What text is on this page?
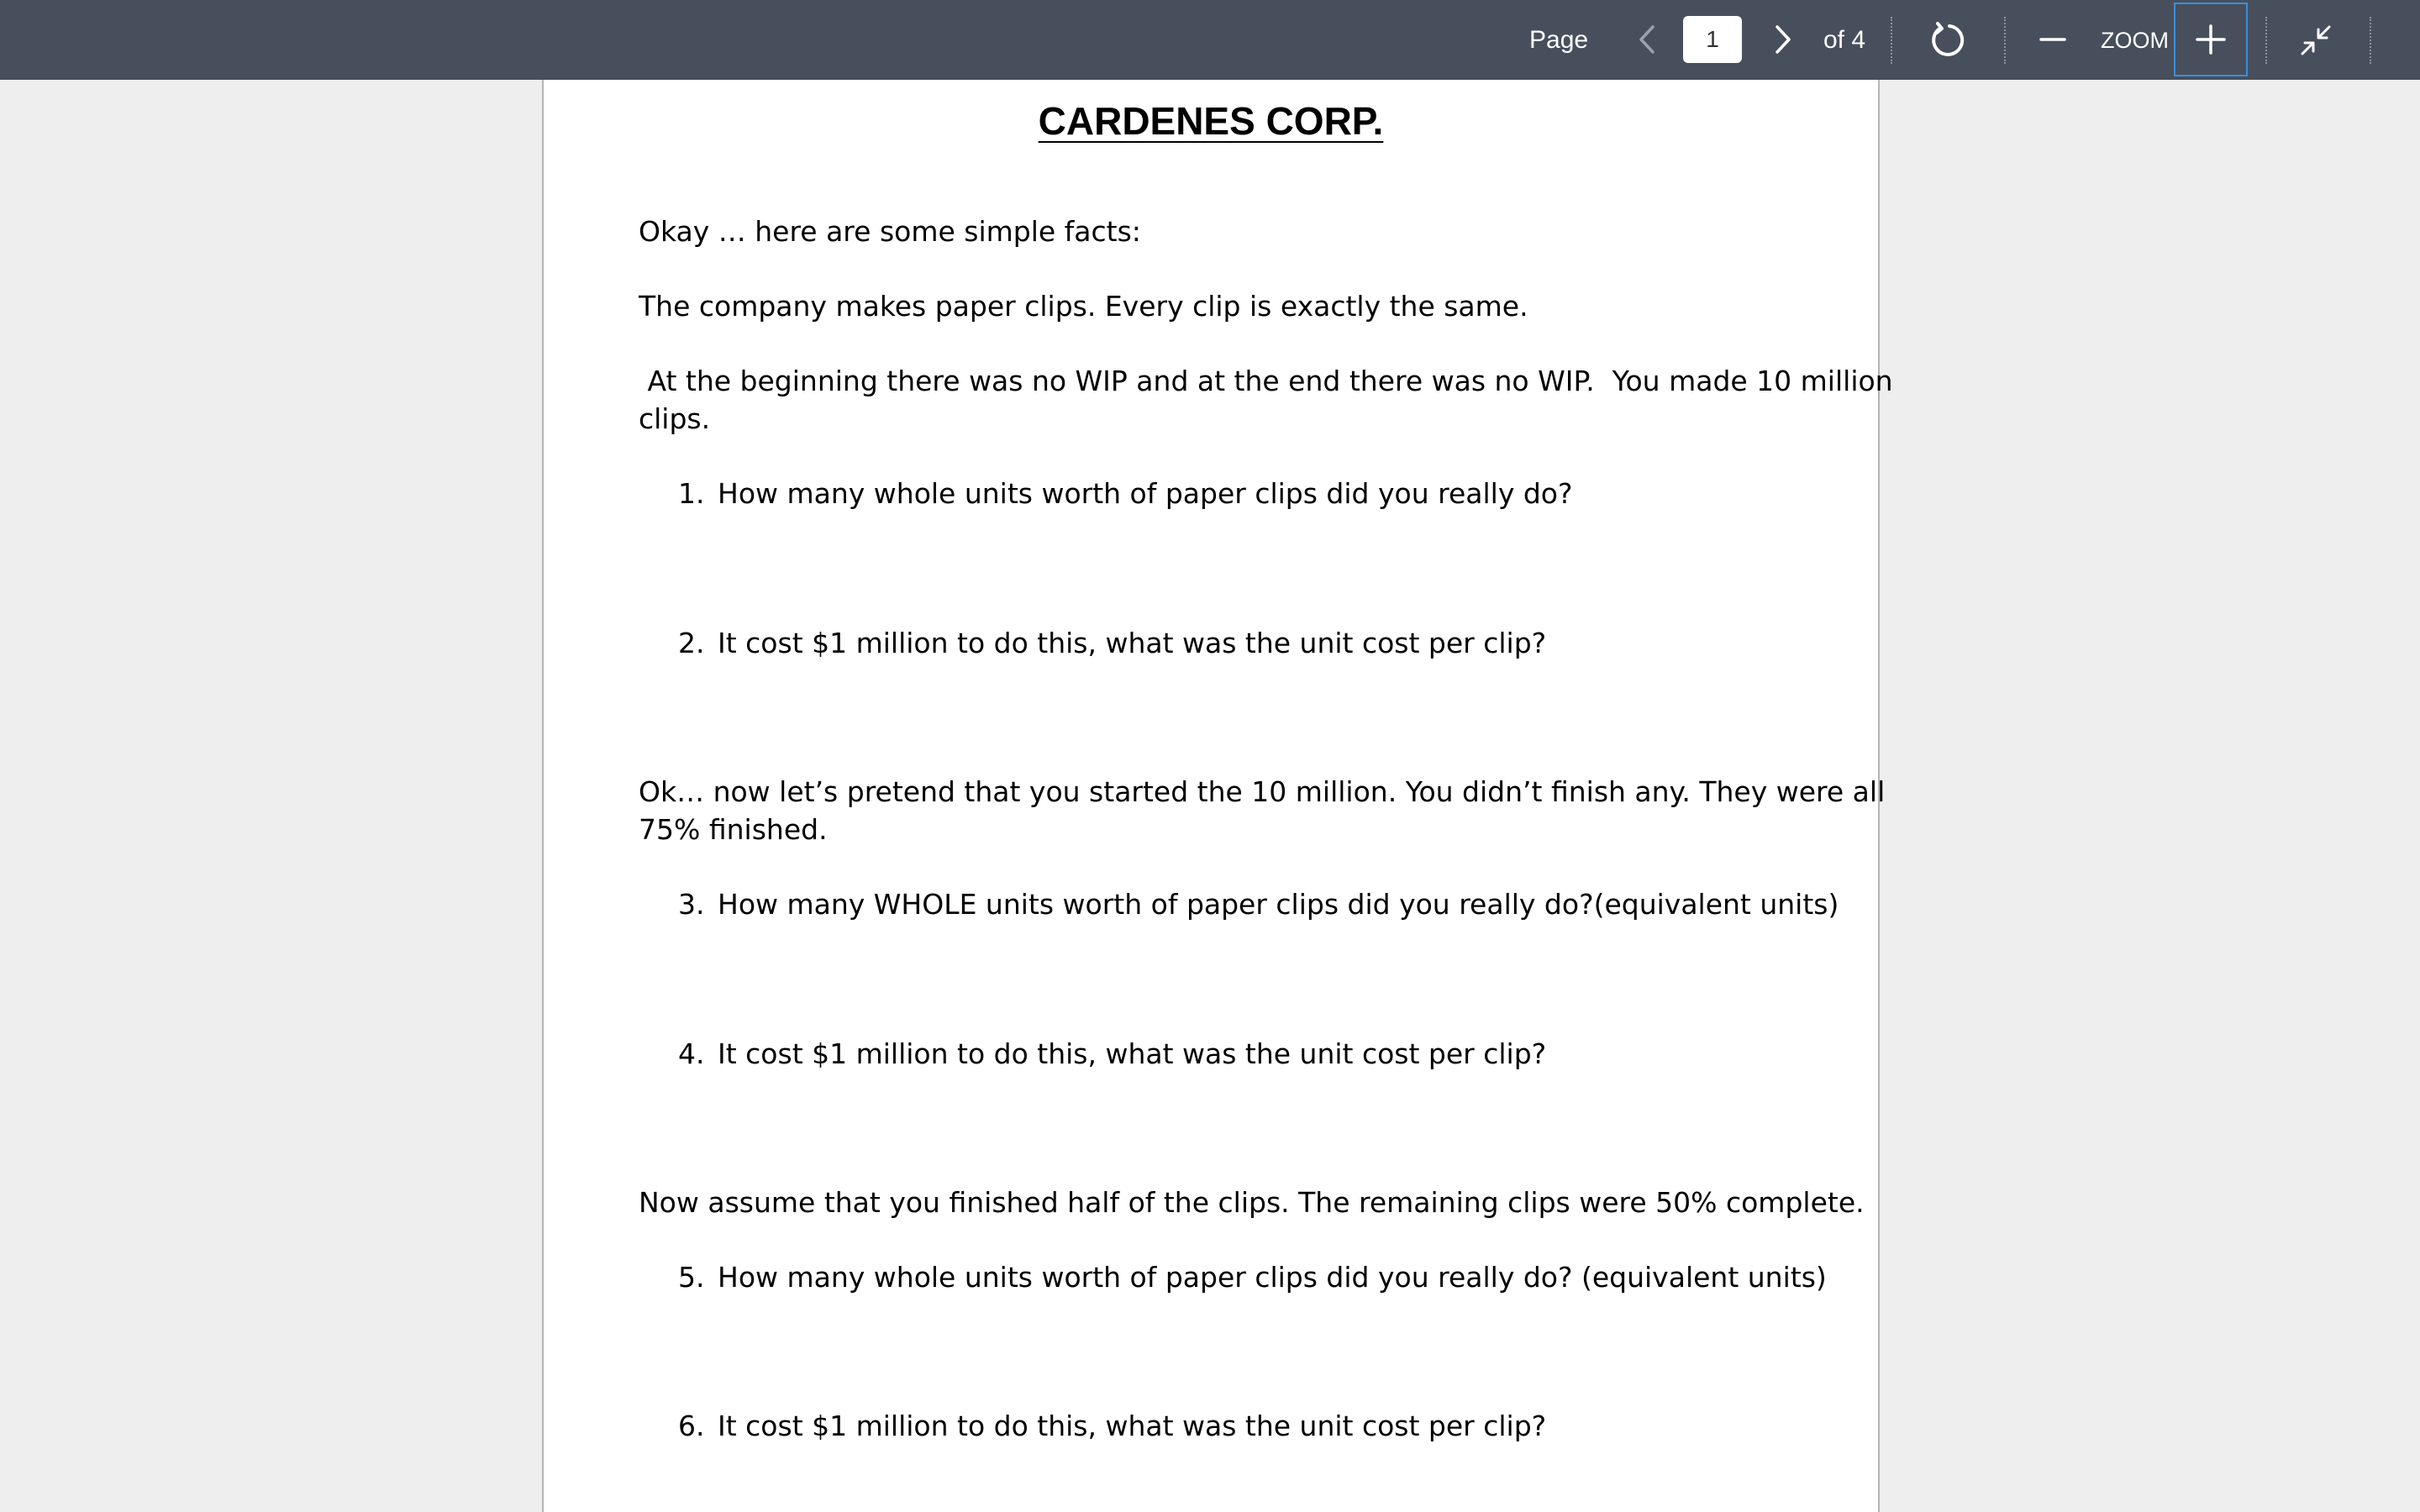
Page
1	of 4	ZOOM
CARDENES CORP.
Okay … here are some simple facts:
The company makes paper clips. Every clip is exactly the same.
At the beginning there was no WIP and at the end there was no WIP.  You made 10 million
clips.
1. How many whole units worth of paper clips did you really do?
2. It cost $1 million to do this, what was the unit cost per clip?
Ok… now let’s pretend that you started the 10 million. You didn’t finish any. They were all
75% finished.
3. How many WHOLE units worth of paper clips did you really do?(equivalent units)
4. It cost $1 million to do this, what was the unit cost per clip?
Now assume that you finished half of the clips. The remaining clips were 50% complete.
5. How many whole units worth of paper clips did you really do? (equivalent units)
6. It cost $1 million to do this, what was the unit cost per clip?
